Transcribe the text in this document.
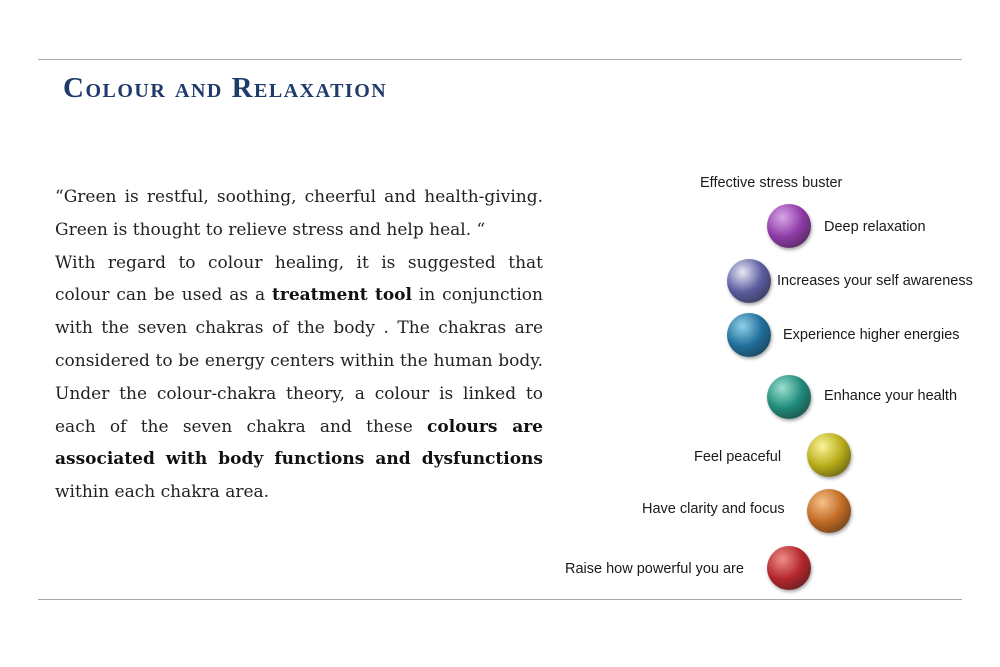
Colour and Relaxation

“Green is restful, soothing, cheerful and health-giving. Green is thought to relieve stress and help heal. “

With regard to colour healing, it is suggested that colour can be used as a treatment tool in conjunction with the seven chakras of the body . The chakras are considered to be energy centers within the human body. Under the colour-chakra theory, a colour is linked to each of the seven chakra and these colours are associated with body functions and dysfunctions within each chakra area.

Effective stress buster
Deep relaxation
Increases your self awareness
Experience higher energies
Enhance your health
Feel peaceful
Have clarity and focus
Raise how powerful you are
